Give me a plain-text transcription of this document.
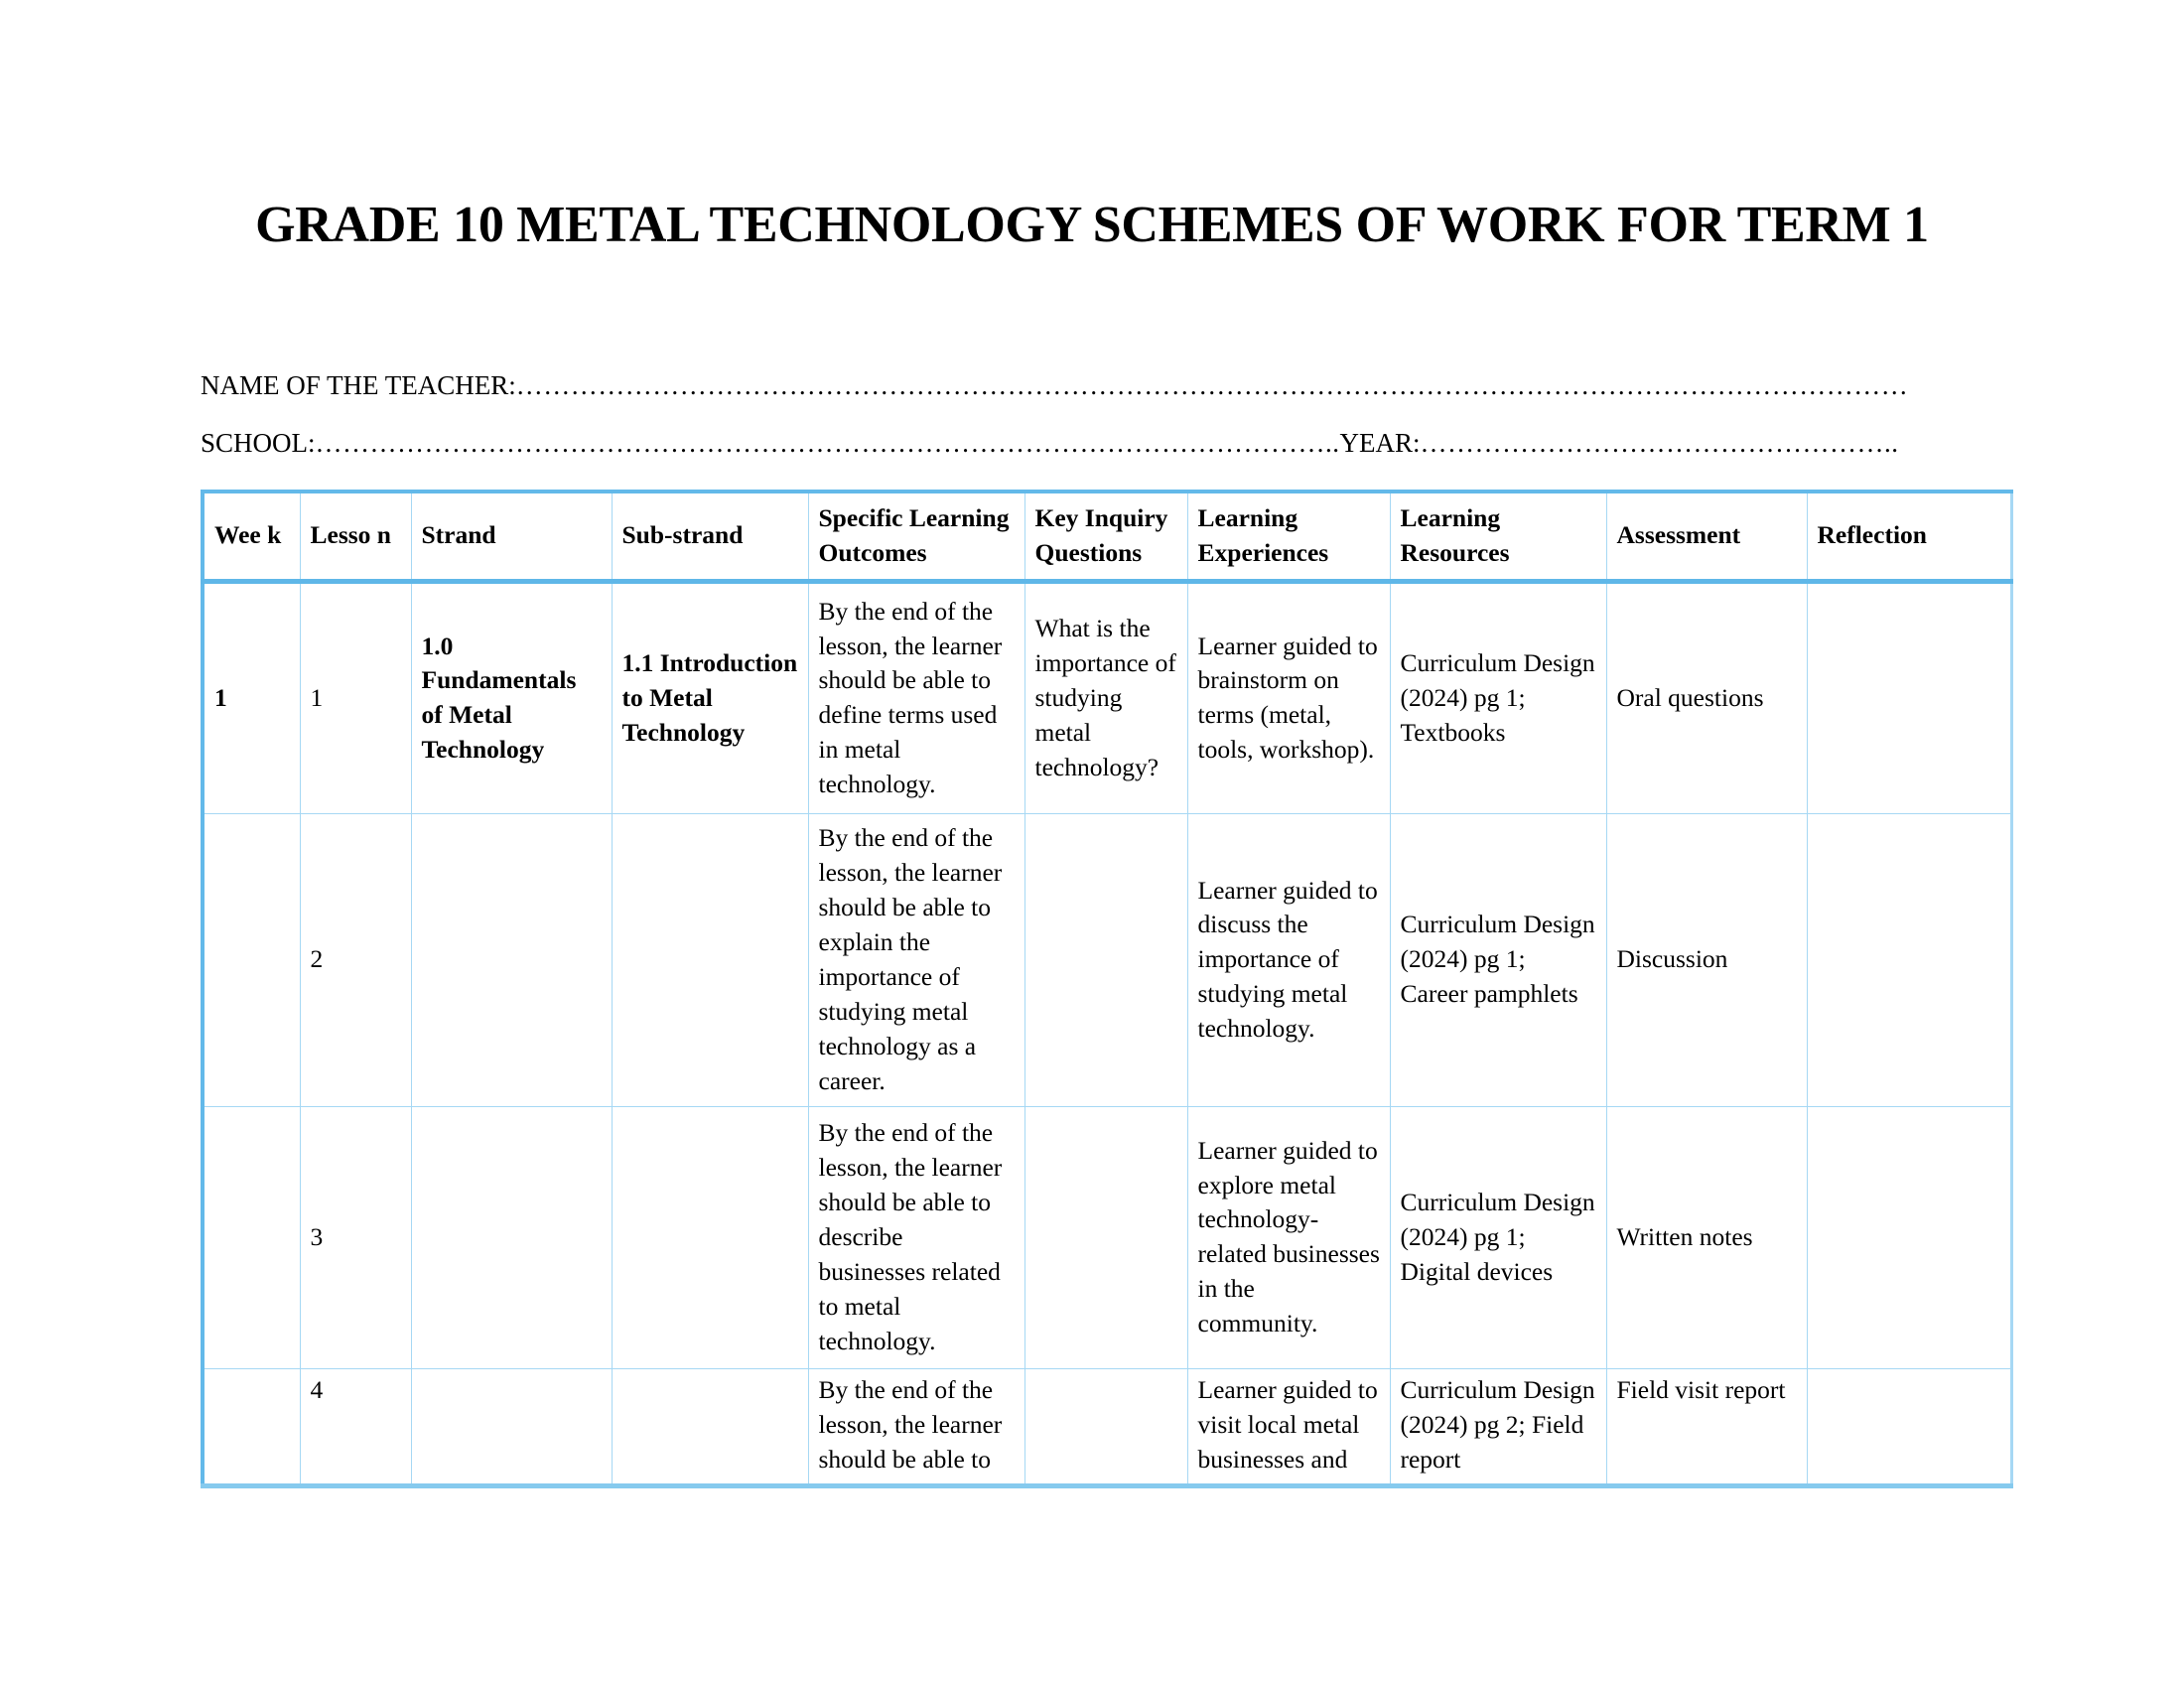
GRADE 10 METAL TECHNOLOGY SCHEMES OF WORK FOR TERM 1
NAME OF THE TEACHER:………………………………………………………………………………………………………………………………………
SCHOOL:…………………………………………………………………………………………………..YEAR:……………………………………………..
Wee k	Lesso n	Strand	Sub-strand	Specific Learning Outcomes	Key Inquiry Questions	Learning Experiences	Learning Resources	Assessment	Reflection
1	1	1.0 Fundamentals of Metal Technology	1.1 Introduction to Metal Technology	By the end of the lesson, the learner should be able to define terms used in metal technology.	What is the importance of studying metal technology?	Learner guided to brainstorm on terms (metal, tools, workshop).	Curriculum Design (2024) pg 1; Textbooks	Oral questions	
	2			By the end of the lesson, the learner should be able to explain the importance of studying metal technology as a career.		Learner guided to discuss the importance of studying metal technology.	Curriculum Design (2024) pg 1; Career pamphlets	Discussion	
	3			By the end of the lesson, the learner should be able to describe businesses related to metal technology.		Learner guided to explore metal technology-related businesses in the community.	Curriculum Design (2024) pg 1; Digital devices	Written notes	
	4			By the end of the lesson, the learner should be able to		Learner guided to visit local metal businesses and	Curriculum Design (2024) pg 2; Field report	Field visit report	
